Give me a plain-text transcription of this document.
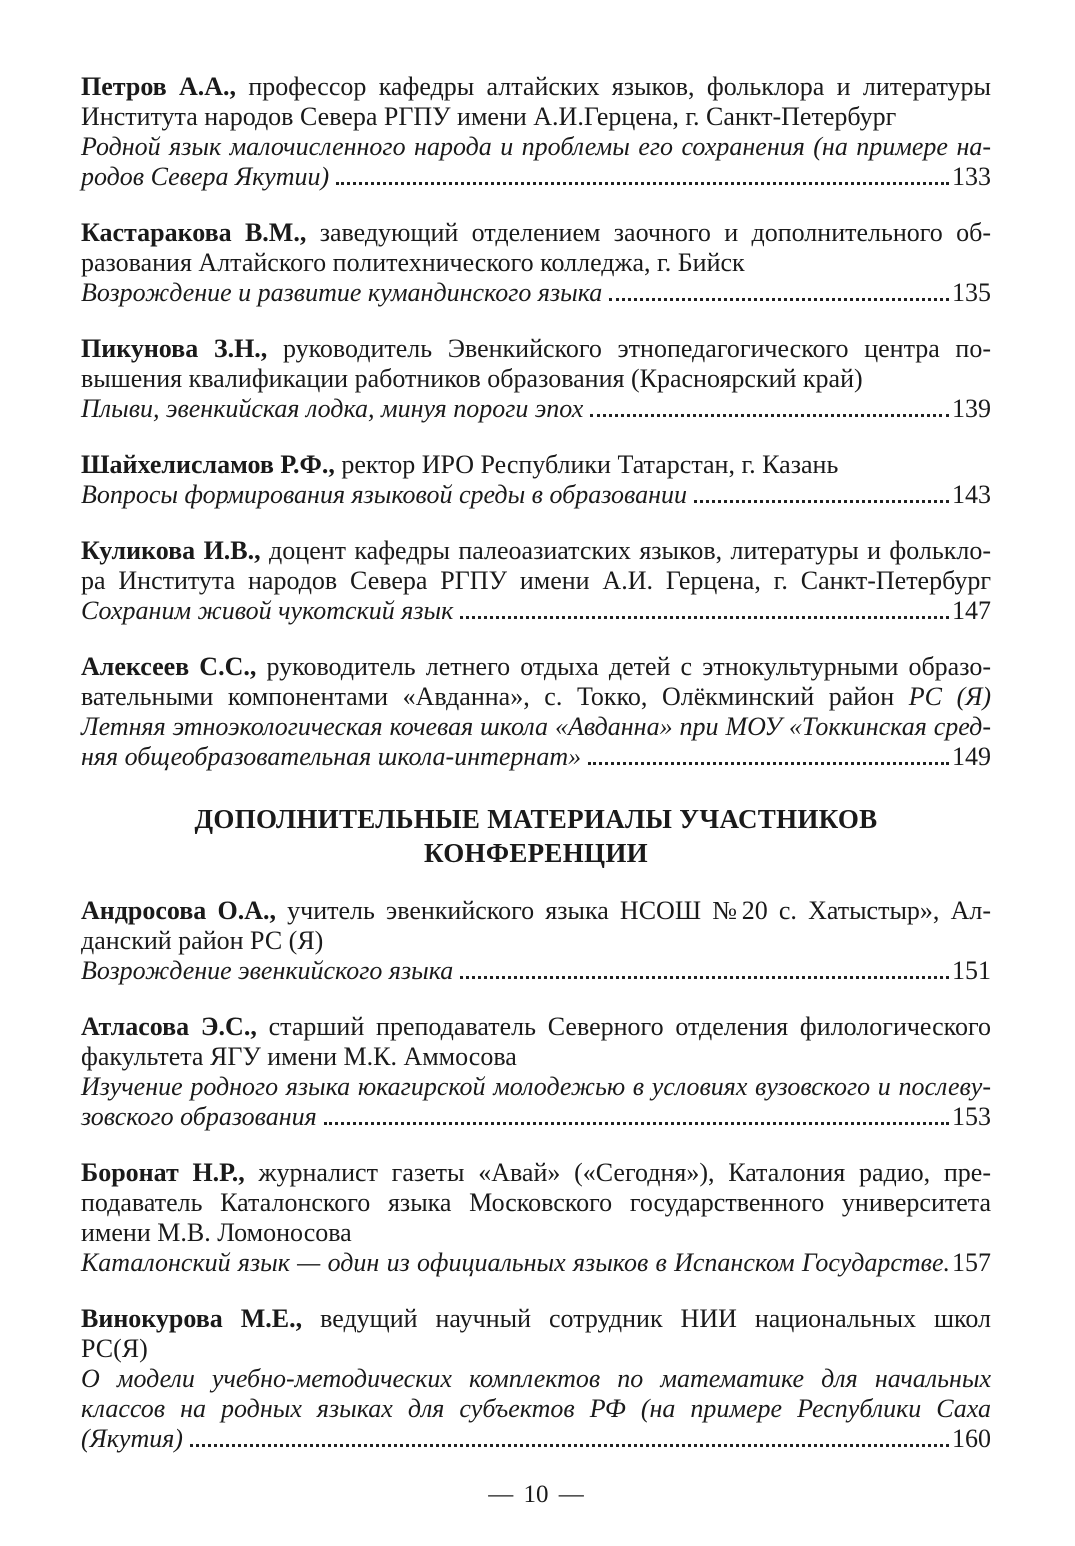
Петров А.А., профессор кафедры алтайских языков, фольклора и литературы
Института народов Севера РГПУ имени А.И.Герцена, г. Санкт-Петербург
Родной язык малочисленного народа и проблемы его сохранения (на примере на-
родов Севера Якутии)	133
Кастаракова В.М., заведующий отделением заочного и дополнительного об-
разования Алтайского политехнического колледжа, г. Бийск
Возрождение и развитие кумандинского языка	135
Пикунова З.Н., руководитель Эвенкийского этнопедагогического центра по-
вышения квалификации работников образования (Красноярский край)
Плыви, эвенкийская лодка, минуя пороги эпох	139
Шайхелисламов Р.Ф., ректор ИРО Республики Татарстан, г. Казань
Вопросы формирования языковой среды в образовании	143
Куликова И.В., доцент кафедры палеоазиатских языков, литературы и фолькло-
ра Института народов Севера РГПУ имени А.И. Герцена, г. Санкт-Петербург
Сохраним живой чукотский язык	147
Алексеев С.С., руководитель летнего отдыха детей с этнокультурными образо-
вательными компонентами «Авданна», с. Токко, Олёкминский район РС (Я)
Летняя этноэкологическая кочевая школа «Авданна» при МОУ «Токкинская сред-
няя общеобразовательная школа-интернат»	149
ДОПОЛНИТЕЛЬНЫЕ МАТЕРИАЛЫ УЧАСТНИКОВ КОНФЕРЕНЦИИ
Андросова О.А., учитель эвенкийского языка НСОШ №20 с. Хатыстыр», Ал-
данский район РС (Я)
Возрождение эвенкийского языка	151
Атласова Э.С., старший преподаватель Северного отделения филологического
факультета ЯГУ имени М.К. Аммосова
Изучение родного языка юкагирской молодежью в условиях вузовского и послеву-
зовского образования	153
Боронат Н.Р., журналист газеты «Авай» («Сегодня»), Каталония радио, пре-
подаватель Каталонского языка Московского государственного университета
имени М.В. Ломоносова
Каталонский язык — один из официальных языков в Испанском Государстве. 157
Винокурова М.Е., ведущий научный сотрудник НИИ национальных школ
РС(Я)
О модели учебно-методических комплектов по математике для начальных
классов на родных языках для субъектов РФ (на примере Республики Саха
(Якутия)	160
— 10 —
